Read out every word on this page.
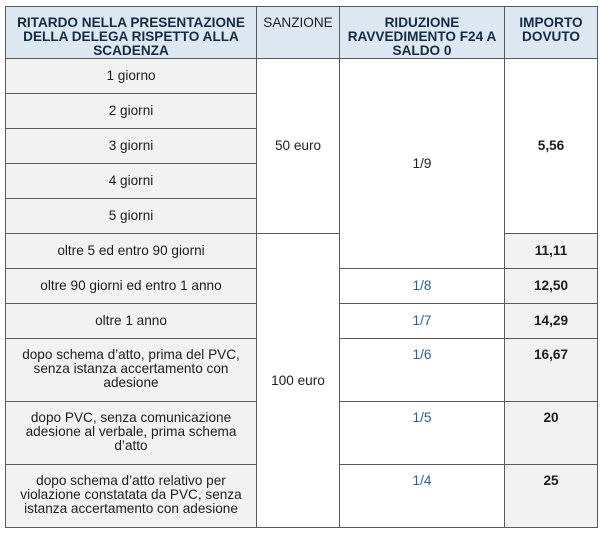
RITARDO NELLA PRESENTAZIONE DELLA DELEGA RISPETTO ALLA SCADENZA	SANZIONE	RIDUZIONE RAVVEDIMENTO F24 A SALDO 0	IMPORTO DOVUTO
1 giorno	50 euro	1/9	5,56
2 giorni			
3 giorni			
4 giorni			
5 giorni			
oltre 5 ed entro 90 giorni	100 euro		11,11
oltre 90 giorni ed entro 1 anno		1/8	12,50
oltre 1 anno		1/7	14,29
dopo schema d’atto, prima del PVC, senza istanza accertamento con adesione		1/6	16,67
dopo PVC, senza comunicazione adesione al verbale, prima schema d’atto		1/5	20
dopo schema d’atto relativo per violazione constatata da PVC, senza istanza accertamento con adesione		1/4	25
